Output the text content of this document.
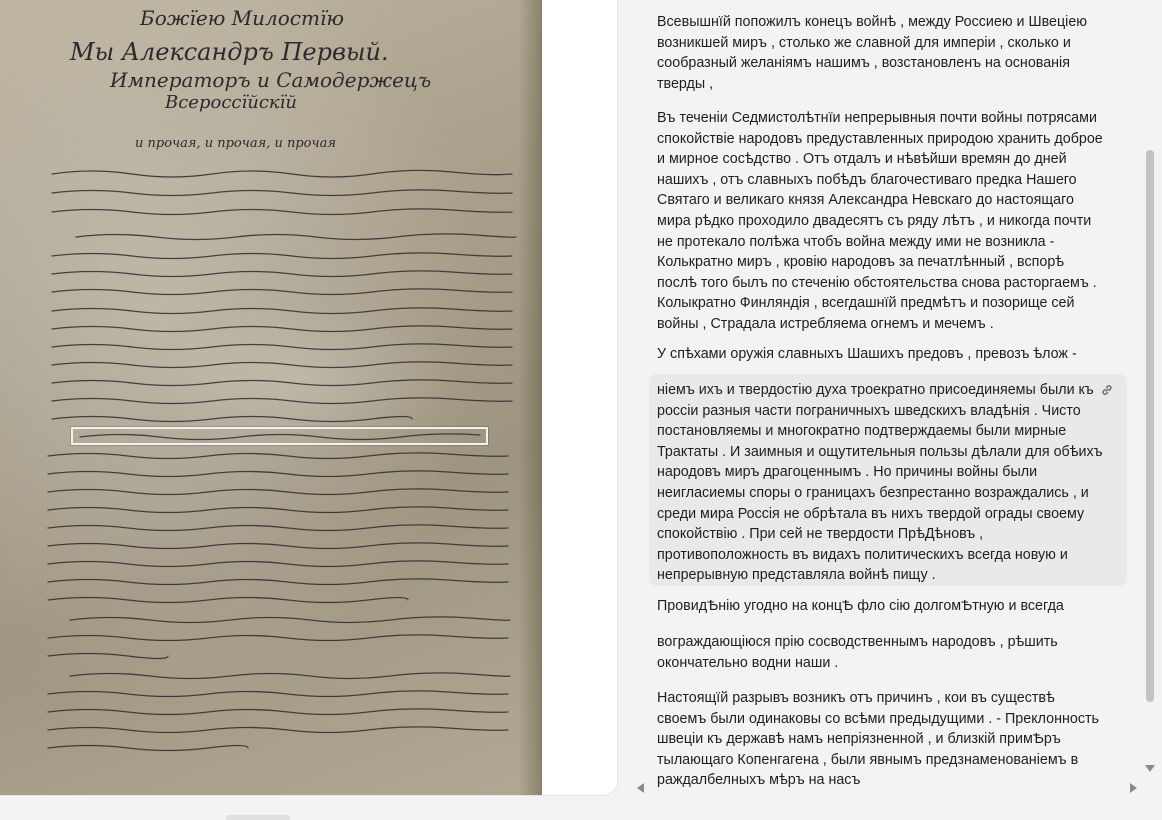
Божїею Милостїю
Мы Александръ Первый.
Императоръ и Самодержецъ
Всероссїйскїй
и прочая, и прочая, и прочая

Всевышнїй попожилъ конецъ войнѣ , между Россиею и Швецiею возникшей миръ , столько же славной для имперiи , сколько и сообразный желанiямъ нашимъ , возстановленъ на основанiя тверды ,

Въ теченiи Седмистолѣтнїи непрерывныя почти войны потрясами спокойствiе народовъ предуставленных природою хранить доброе и мирное сосѣдство . Отъ отдалъ и нѣвѣйши времян до дней нашихъ , отъ славныхъ побѣдъ благочестиваго предка Нашего Святаго и великаго князя Александра Невскаго до настоящаго мира рѣдко проходило двадесятъ съ ряду лѣтъ , и никогда почти не протекало полѣжа чтобъ война между ими не возникла - Колькратно миръ , кровiю народовъ за печатлѣнный , вспорѣ послѣ того былъ по стеченiю обстоятельства снова расторгаемъ . Колыкратно Финляндiя , всегдашнїй предмѣтъ и позорище сей войны , Страдала истребляема огнемъ и мечемъ .

У спѣхами оружiя славныхъ Шашихъ предовъ , превозъ ѣлож -

нiемъ ихъ и твердостiю духа троекратно присоединяемы были къ россiи разныя части пограничныхъ шведскихъ владѣнiя . Чисто постановляемы и многократно подтверждаемы были мирные Трактаты . И заимныя и ощутительныя пользы дѣлали для обѣихъ народовъ миръ драгоценнымъ . Но причины войны были неигласиемы споры о границахъ безпрестанно возраждались , и среди мира Россiя не обрѣтала въ нихъ твердой ограды своему спокойствiю . При сей не твердости ПрѣДѣновъ , противоположность въ видахъ политическихъ всегда новую и непрерывную представляла войнѣ пищу .

ПровидѢнiю угодно на концѢ фло сiю долгомѢтную и всегда

вограждающiюся прiю сосводственнымъ народовъ , рѣшить окончательно водни наши .

Настоящїй разрывъ возникъ отъ причинъ , кои въ существѣ своемъ были одинаковы со всѣми предыдущими . - Преклонность швецiи къ державѣ намъ непрiязненной , и близкiй примѢръ тылающаго Копенгагена , были явнымъ предзнаменованiемъ в раждалбелныхъ мѣръ на насъ
